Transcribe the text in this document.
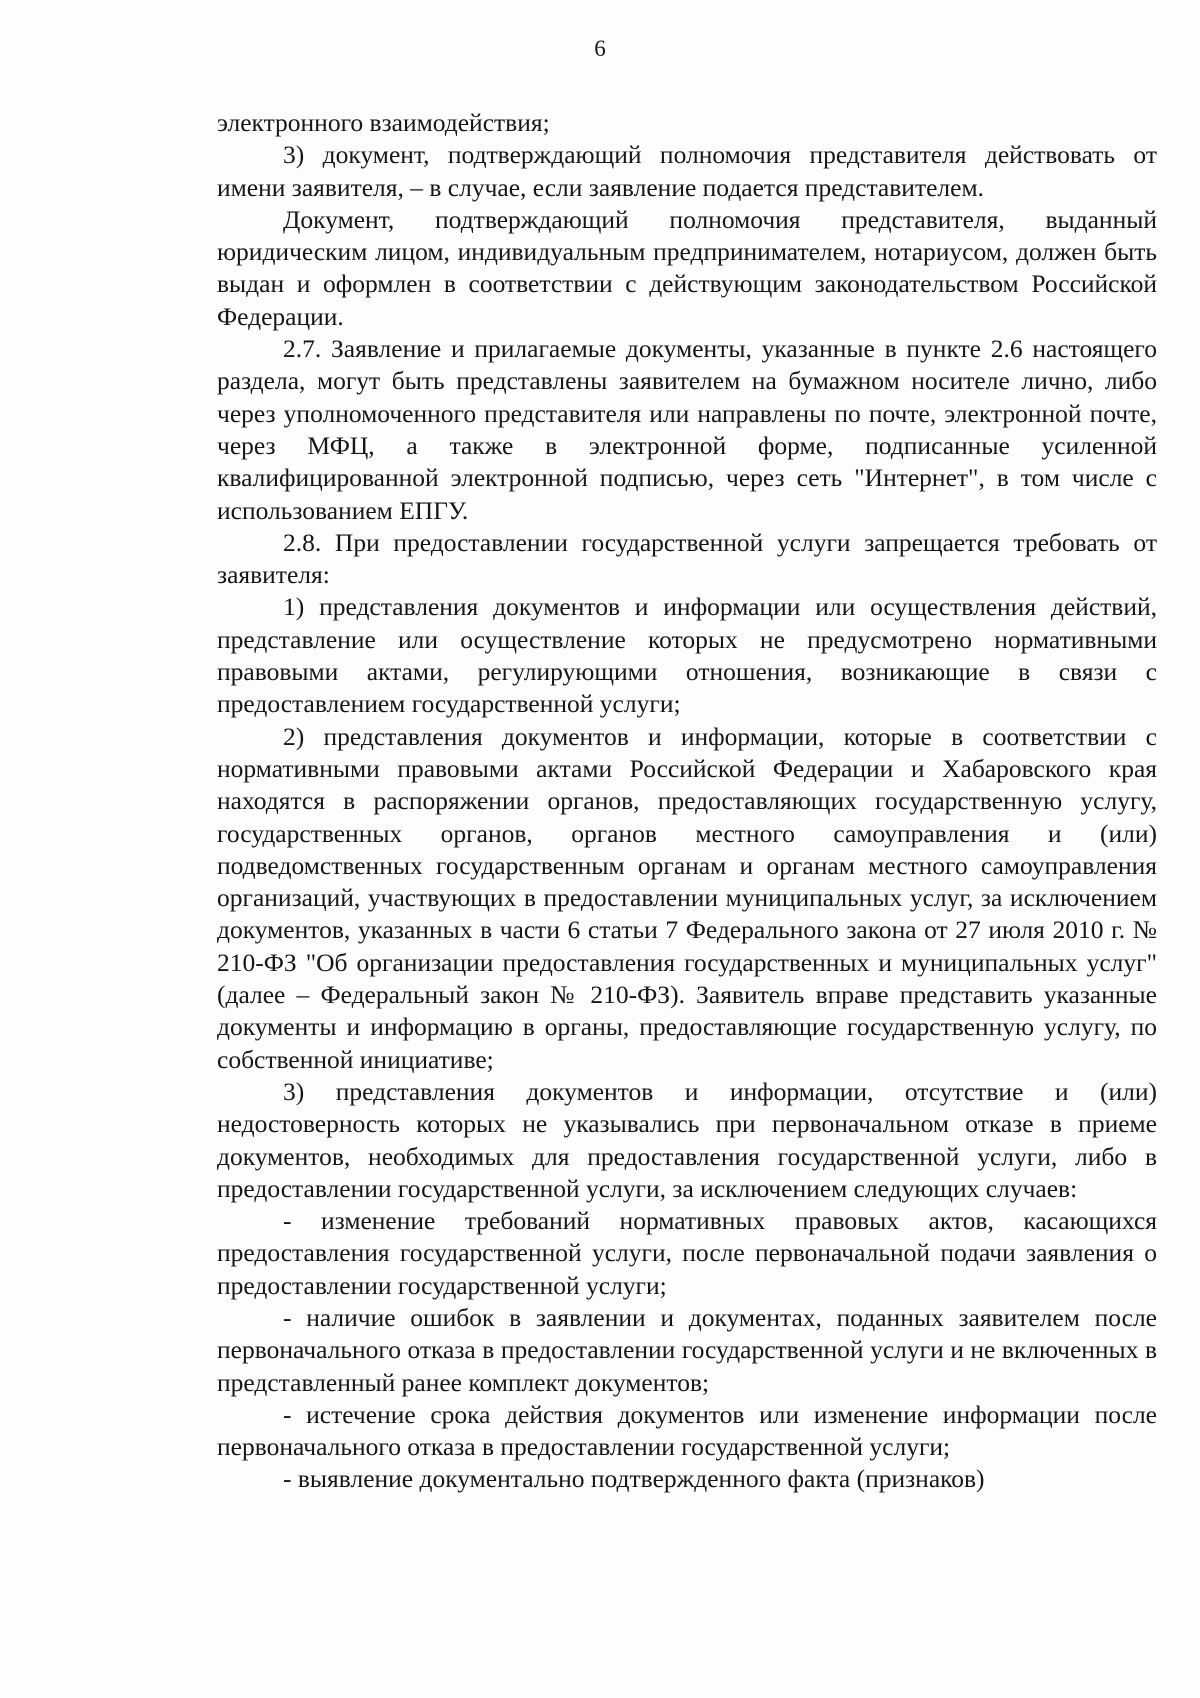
6

электронного взаимодействия;

3) документ, подтверждающий полномочия представителя действовать от имени заявителя, – в случае, если заявление подается представителем.

Документ, подтверждающий полномочия представителя, выданный юридическим лицом, индивидуальным предпринимателем, нотариусом, должен быть выдан и оформлен в соответствии с действующим законодательством Российской Федерации.

2.7. Заявление и прилагаемые документы, указанные в пункте 2.6 настоящего раздела, могут быть представлены заявителем на бумажном носителе лично, либо через уполномоченного представителя или направлены по почте, электронной почте, через МФЦ, а также в электронной форме, подписанные усиленной квалифицированной электронной подписью, через сеть "Интернет", в том числе с использованием ЕПГУ.

2.8. При предоставлении государственной услуги запрещается требовать от заявителя:

1) представления документов и информации или осуществления действий, представление или осуществление которых не предусмотрено нормативными правовыми актами, регулирующими отношения, возникающие в связи с предоставлением государственной услуги;

2) представления документов и информации, которые в соответствии с нормативными правовыми актами Российской Федерации и Хабаровского края находятся в распоряжении органов, предоставляющих государственную услугу, государственных органов, органов местного самоуправления и (или) подведомственных государственным органам и органам местного самоуправления организаций, участвующих в предоставлении муниципальных услуг, за исключением документов, указанных в части 6 статьи 7 Федерального закона от 27 июля 2010 г. № 210-ФЗ "Об организации предоставления государственных и муниципальных услуг" (далее – Федеральный закон № 210-ФЗ). Заявитель вправе представить указанные документы и информацию в органы, предоставляющие государственную услугу, по собственной инициативе;

3) представления документов и информации, отсутствие и (или) недостоверность которых не указывались при первоначальном отказе в приеме документов, необходимых для предоставления государственной услуги, либо в предоставлении государственной услуги, за исключением следующих случаев:

- изменение требований нормативных правовых актов, касающихся предоставления государственной услуги, после первоначальной подачи заявления о предоставлении государственной услуги;

- наличие ошибок в заявлении и документах, поданных заявителем после первоначального отказа в предоставлении государственной услуги и не включенных в представленный ранее комплект документов;

- истечение срока действия документов или изменение информации после первоначального отказа в предоставлении государственной услуги;

- выявление документально подтвержденного факта (признаков)
